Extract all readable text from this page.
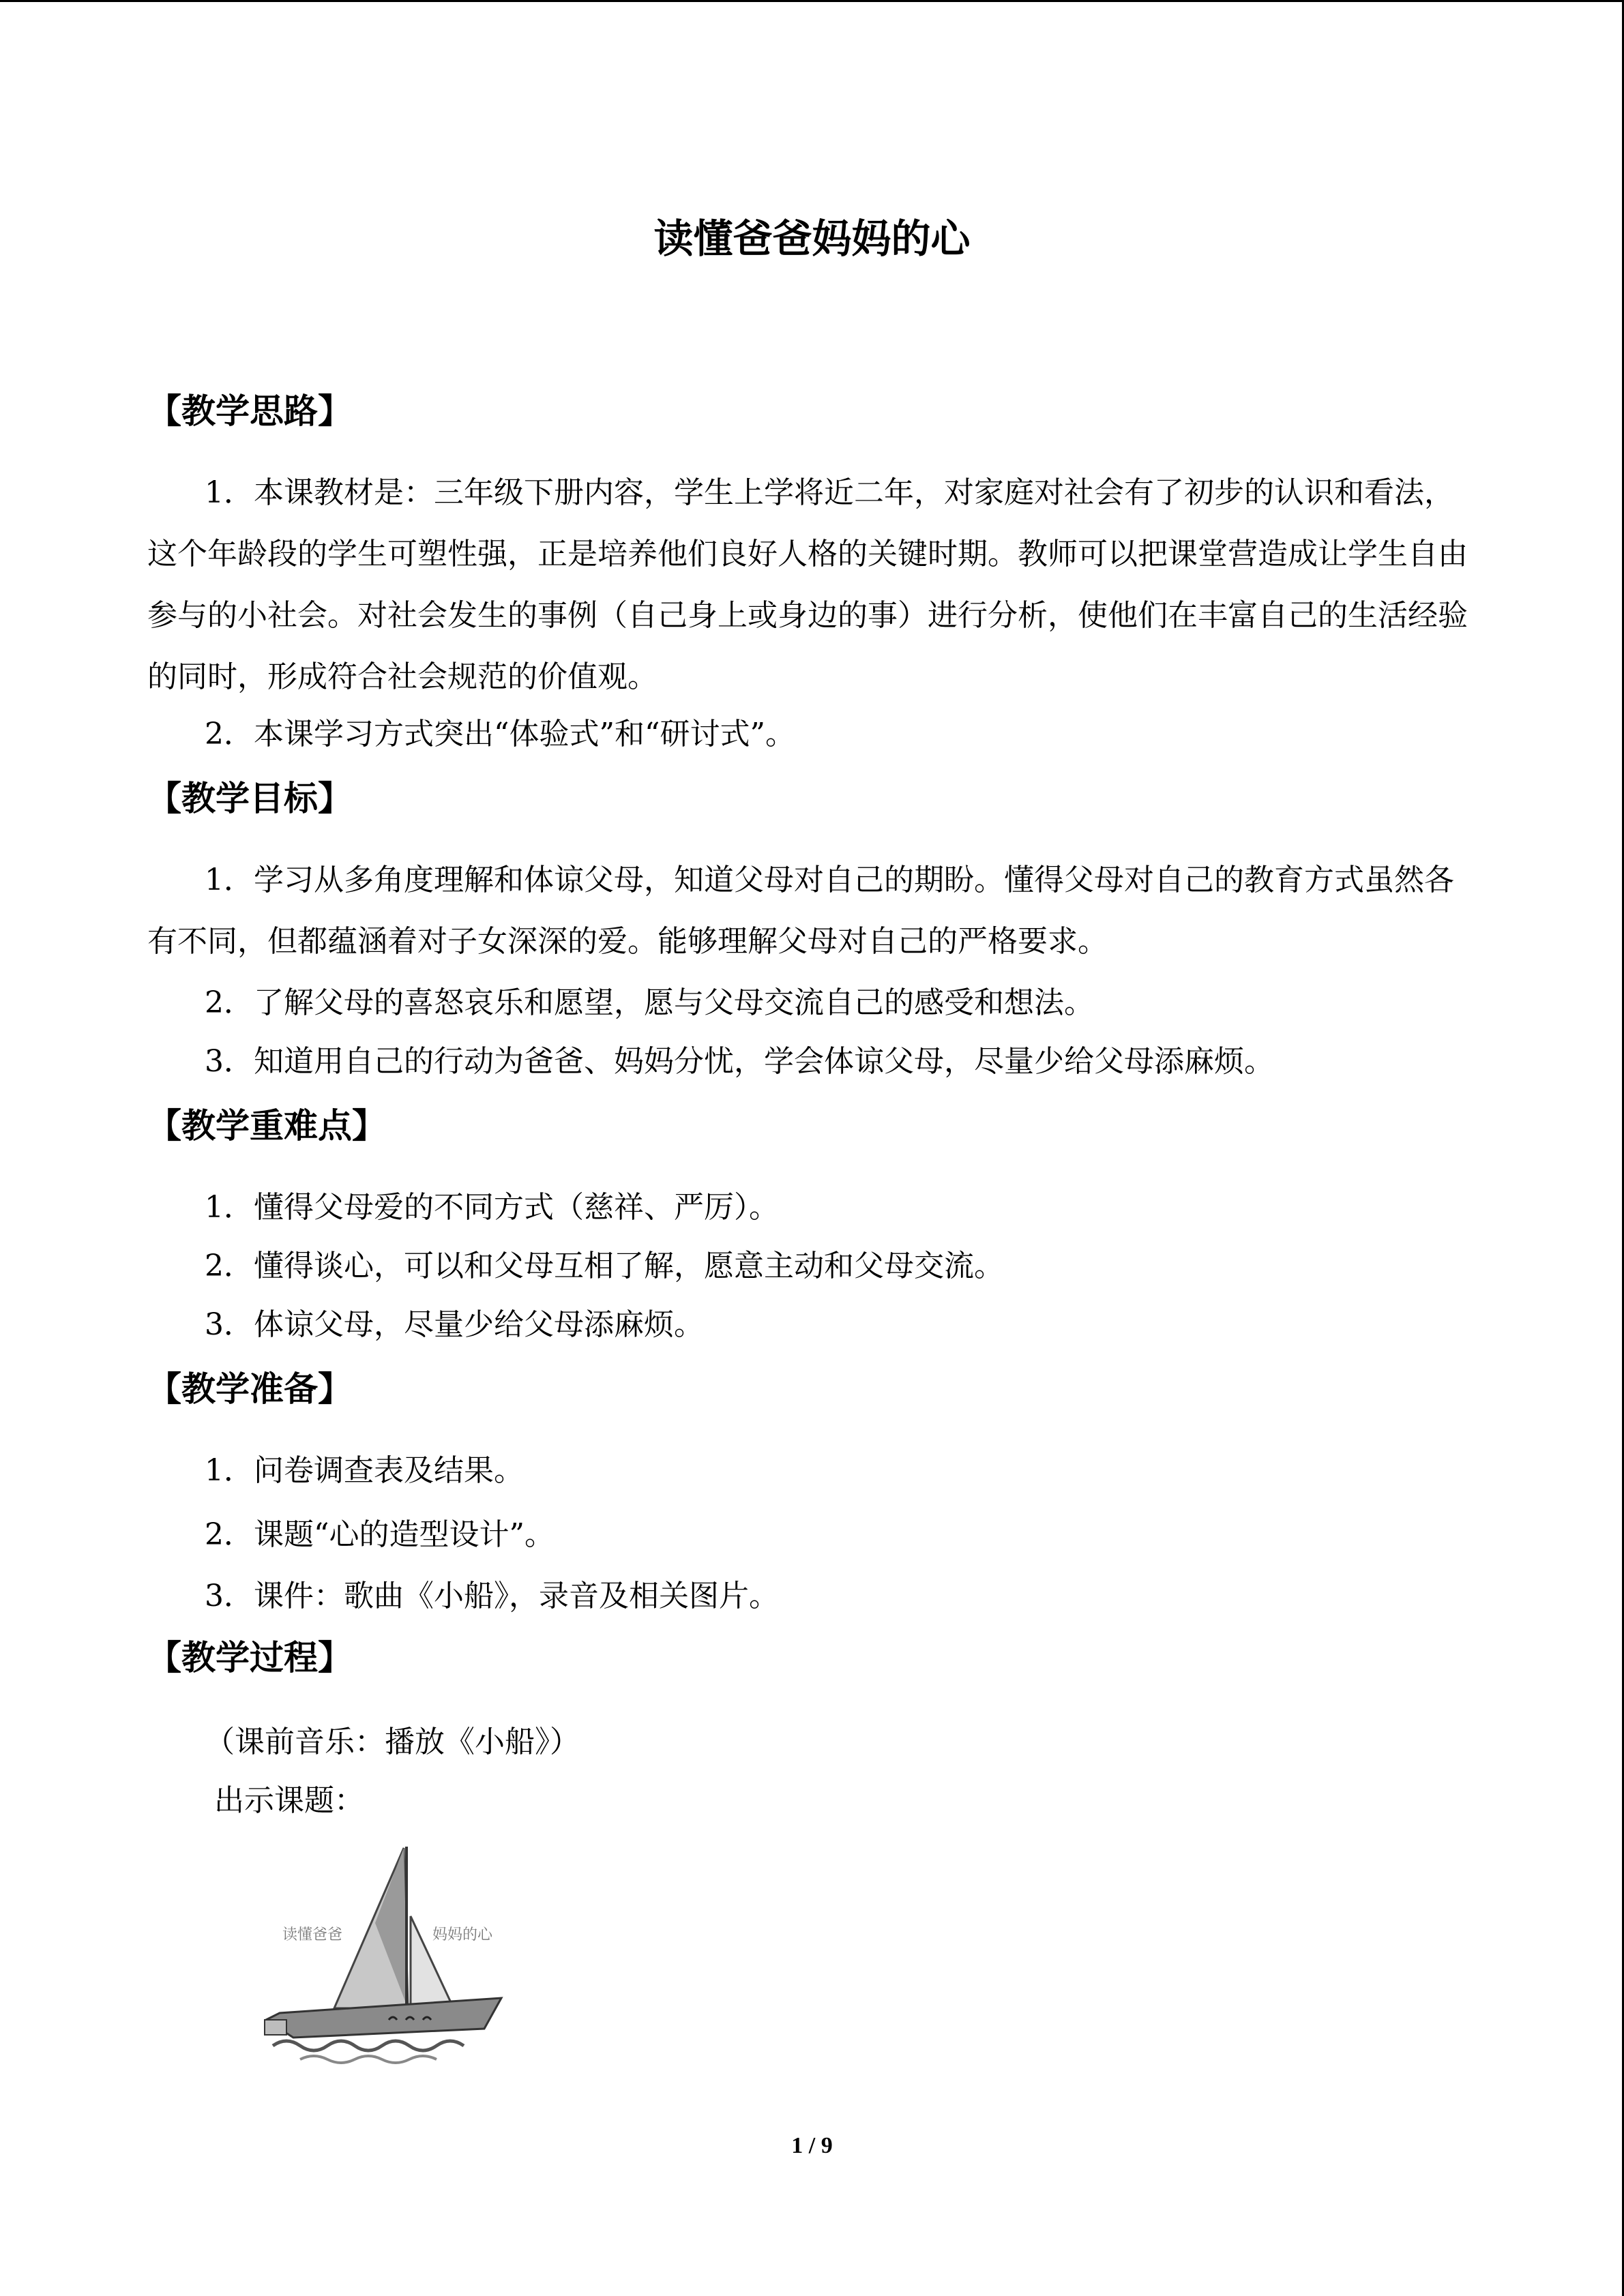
读懂爸爸妈妈的心
【教学思路】

1．本课教材是：三年级下册内容，学生上学将近二年，对家庭对社会有了初步的认识和看法，这个年龄段的学生可塑性强，正是培养他们良好人格的关键时期。教师可以把课堂营造成让学生自由参与的小社会。对社会发生的事例（自己身上或身边的事）进行分析，使他们在丰富自己的生活经验的同时，形成符合社会规范的价值观。

2．本课学习方式突出“体验式”和“研讨式”。

【教学目标】

1．学习从多角度理解和体谅父母，知道父母对自己的期盼。懂得父母对自己的教育方式虽然各有不同，但都蕴涵着对子女深深的爱。能够理解父母对自己的严格要求。

2．了解父母的喜怒哀乐和愿望，愿与父母交流自己的感受和想法。

3．知道用自己的行动为爸爸、妈妈分忧，学会体谅父母，尽量少给父母添麻烦。

【教学重难点】

1．懂得父母爱的不同方式（慈祥、严厉）。

2．懂得谈心，可以和父母互相了解，愿意主动和父母交流。

3．体谅父母，尽量少给父母添麻烦。

【教学准备】

1．问卷调查表及结果。

2．课题“心的造型设计”。

3．课件：歌曲《小船》，录音及相关图片。

【教学过程】

（课前音乐：播放《小船》）

出示课题：

读懂爸爸	妈妈的心
1 / 9
